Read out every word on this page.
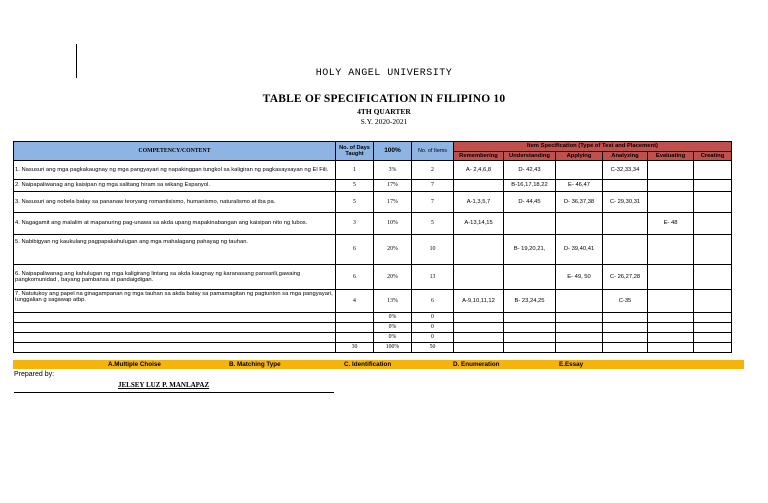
HOLY ANGEL UNIVERSITY
TABLE OF SPECIFICATION IN FILIPINO 10
4TH QUARTER
S.Y. 2020-2021
COMPETENCY/CONTENT	No. of Days Taught	100%	No. of Items	Item Specification (Type of Test and Placement)					
				Remembering	Understanding	Applying	Analyzing	Evaluating	Creating
1. Nasusuri ang mga pagkakaugnay ng mga pangyayari ng napakinggan tungkol sa kaligiran ng pagkasaysayan ng El Fili.	1	3%	2	A- 2,4,6,8	D- 42,43		C-32,33,34		
2. Naipapaliwanag ang kaisipan ng mga salitang hiram sa wikang Espanyol.	5	17%	7		B-16,17,18,22	E- 46,47			
3. Nasusuri ang nobela batay sa pananaw teoryang romantisismo, humanismo, naturalismo at iba pa.	5	17%	7	A-1,3,5,7	D- 44,45	D- 36,37,38	C- 29,30,31		
4. Nagagamit ang malalim at mapanuring pag-unawa sa akda upang mapakinabangan ang kaisipan nito ng lubos.	3	10%	5	A-13,14,15				E- 48	
5. Nabibigyan ng kaukulang pagpapakahulugan ang mga mahalagang pahayag ng tauhan.	6	20%	10		B- 19,20,21,	D- 39,40,41			
6. Naipapaliwanag ang kahulugan ng mga kaligirang lintang sa akda kaugnay ng karanasang pansarili,gawaing pangkomunidad , bayang pambansa at pandaigdigan.	6	20%	13			E- 49, 50	C- 26,27,28		
7. Natutukoy ang papel na ginagampanan ng mga tauhan sa akda batay sa pamamagitan ng pagtunton sa mga pangyayari, tunggalian g sagawap atbp.	4	13%	6	A-9,10,11,12	B- 23,24,25		C-35		
		0%	0						
		0%	0						
		0%	0						
	30	100%	50						
A.Multiple Choise	B. Matching Type	C. Identification	D. Enumeration	E.Essay
Prepared by:
JELSEY LUZ P. MANLAPAZ
